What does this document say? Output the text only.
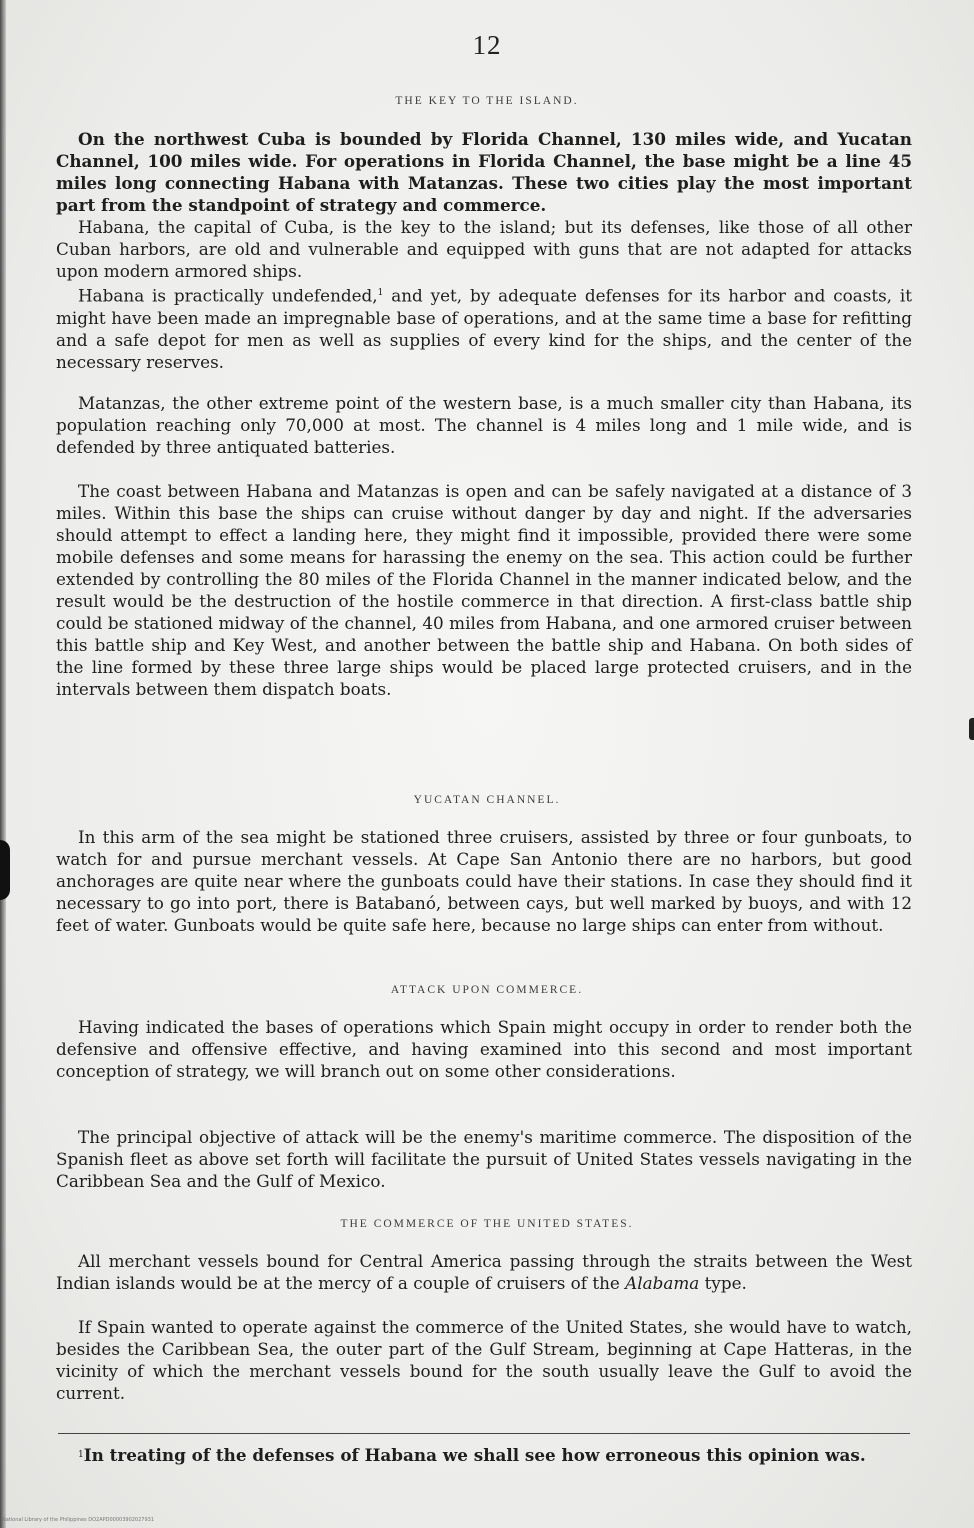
12
THE KEY TO THE ISLAND.

On the northwest Cuba is bounded by Florida Channel, 130 miles wide, and Yucatan Channel, 100 miles wide. For operations in Florida Channel, the base might be a line 45 miles long connecting Habana with Matanzas. These two cities play the most important part from the standpoint of strategy and commerce.

Habana, the capital of Cuba, is the key to the island; but its defenses, like those of all other Cuban harbors, are old and vulnerable and equipped with guns that are not adapted for attacks upon modern armored ships.

Habana is practically undefended,$^1$ and yet, by adequate defenses for its harbor and coasts, it might have been made an impregnable base of operations, and at the same time a base for refitting and a safe depot for men as well as supplies of every kind for the ships, and the center of the necessary reserves.

Matanzas, the other extreme point of the western base, is a much smaller city than Habana, its population reaching only 70,000 at most. The channel is 4 miles long and 1 mile wide, and is defended by three antiquated batteries.

The coast between Habana and Matanzas is open and can be safely navigated at a distance of 3 miles. Within this base the ships can cruise without danger by day and night. If the adversaries should attempt to effect a landing here, they might find it impossible, provided there were some mobile defenses and some means for harassing the enemy on the sea. This action could be further extended by controlling the 80 miles of the Florida Channel in the manner indicated below, and the result would be the destruction of the hostile commerce in that direction. A first-class battle ship could be stationed midway of the channel, 40 miles from Habana, and one armored cruiser between this battle ship and Key West, and another between the battle ship and Habana. On both sides of the line formed by these three large ships would be placed large protected cruisers, and in the intervals between them dispatch boats.

YUCATAN CHANNEL.

In this arm of the sea might be stationed three cruisers, assisted by three or four gunboats, to watch for and pursue merchant vessels. At Cape San Antonio there are no harbors, but good anchorages are quite near where the gunboats could have their stations. In case they should find it necessary to go into port, there is Batabanó, between cays, but well marked by buoys, and with 12 feet of water. Gunboats would be quite safe here, because no large ships can enter from without.

ATTACK UPON COMMERCE.

Having indicated the bases of operations which Spain might occupy in order to render both the defensive and offensive effective, and having examined into this second and most important conception of strategy, we will branch out on some other considerations.

The principal objective of attack will be the enemy's maritime commerce. The disposition of the Spanish fleet as above set forth will facilitate the pursuit of United States vessels navigating in the Caribbean Sea and the Gulf of Mexico.

THE COMMERCE OF THE UNITED STATES.

All merchant vessels bound for Central America passing through the straits between the West Indian islands would be at the mercy of a couple of cruisers of the Alabama type.

If Spain wanted to operate against the commerce of the United States, she would have to watch, besides the Caribbean Sea, the outer part of the Gulf Stream, beginning at Cape Hatteras, in the vicinity of which the merchant vessels bound for the south usually leave the Gulf to avoid the current.

$^1$In treating of the defenses of Habana we shall see how erroneous this opinion was.

National Library of the Philippines DO2APD00003902027931
